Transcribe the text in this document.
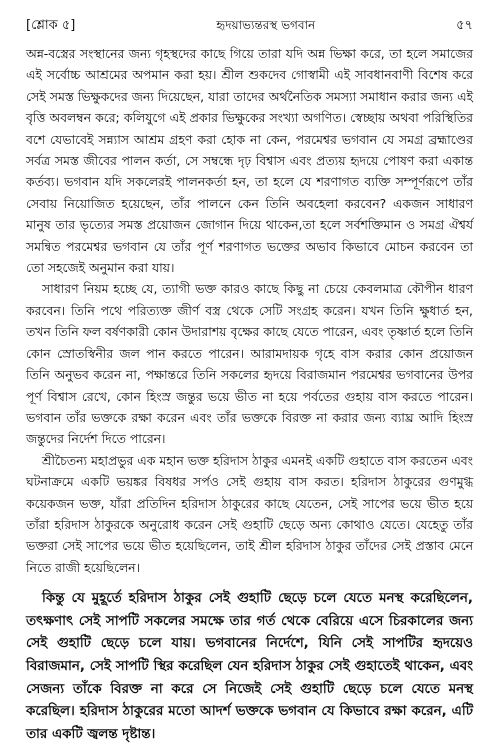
[শ্লোক ৫]	হৃদয়াভ্যন্তরস্থ ভগবান	৫৭

অন্ন-বস্ত্রের সংস্থানের জন্য গৃহস্থদের কাছে গিয়ে তারা যদি অন্ন ভিক্ষা করে, তা হলে সমাজের এই সর্বোচ্চ আশ্রমের অপমান করা হয়। শ্রীল শুকদেব গোস্বামী এই সাবধানবাণী বিশেষ করে সেই সমস্ত ভিক্ষুকদের জন্য দিয়েছেন, যারা তাদের অর্থনৈতিক সমস্যা সমাধান করার জন্য এই বৃত্তি অবলম্বন করে; কলিযুগে এই প্রকার ভিক্ষুকের সংখ্যা অগণিত। স্বেচ্ছায় অথবা পরিস্থিতির বশে যেভাবেই সন্ন্যাস আশ্রম গ্রহণ করা হোক না কেন, পরমেশ্বর ভগবান যে সমগ্র ব্রহ্মাণ্ডের সর্বত্র সমস্ত জীবের পালন কর্তা, সে সম্বন্ধে দৃঢ় বিশ্বাস এবং প্রত্যয় হৃদয়ে পোষণ করা একান্ত কর্তব্য। ভগবান যদি সকলেরই পালনকর্তা হন, তা হলে যে শরণাগত ব্যক্তি সম্পূর্ণরূপে তাঁর সেবায় নিয়োজিত হয়েছেন, তাঁর পালনে কেন তিনি অবহেলা করবেন? একজন সাধারণ মানুষ তার ভৃত্যের সমস্ত প্রয়োজন জোগান দিয়ে থাকেন,তা হলে সর্বশক্তিমান ও সমগ্র ঐশ্বর্য সমন্বিত পরমেশ্বর ভগবান যে তাঁর পূর্ণ শরণাগত ভক্তের অভাব কিভাবে মোচন করবেন তা তো সহজেই অনুমান করা যায়।

সাধারণ নিয়ম হচ্ছে যে, ত্যাগী ভক্ত কারও কাছে কিছু না চেয়ে কেবলমাত্র কৌপীন ধারণ করবেন। তিনি পথে পরিত্যক্ত জীর্ণ বস্ত্র থেকে সেটি সংগ্রহ করেন। যখন তিনি ক্ষুধার্ত হন, তখন তিনি ফল বর্ষণকারী কোন উদারাশয় বৃক্ষের কাছে যেতে পারেন, এবং তৃষ্ণার্ত হলে তিনি কোন স্রোতস্বিনীর জল পান করতে পারেন। আরামদায়ক গৃহে বাস করার কোন প্রয়োজন তিনি অনুভব করেন না, পক্ষান্তরে তিনি সকলের হৃদয়ে বিরাজমান পরমেশ্বর ভগবানের উপর পূর্ণ বিশ্বাস রেখে, কোন হিংস্র জন্তুর ভয়ে ভীত না হয়ে পর্বতের গুহায় বাস করতে পারেন। ভগবান তাঁর ভক্তকে রক্ষা করেন এবং তাঁর ভক্তকে বিরক্ত না করার জন্য ব্যাঘ্র আদি হিংস্র জন্তুদের নির্দেশ দিতে পারেন।

শ্রীচৈতন্য মহাপ্রভুর এক মহান ভক্ত হরিদাস ঠাকুর এমনই একটি গুহাতে বাস করতেন এবং ঘটনাক্রমে একটি ভয়ঙ্কর বিষধর সর্পও সেই গুহায় বাস করত। হরিদাস ঠাকুরের গুণমুগ্ধ কয়েকজন ভক্ত, যাঁরা প্রতিদিন হরিদাস ঠাকুরের কাছে যেতেন, সেই সাপের ভয়ে ভীত হয়ে তাঁরা হরিদাস ঠাকুরকে অনুরোধ করেন সেই গুহাটি ছেড়ে অন্য কোথাও যেতে। যেহেতু তাঁর ভক্তরা সেই সাপের ভয়ে ভীত হয়েছিলেন, তাই শ্রীল হরিদাস ঠাকুর তাঁদের সেই প্রস্তাব মেনে নিতে রাজী হয়েছিলেন।

কিন্তু যে মুহূর্তে হরিদাস ঠাকুর সেই গুহাটি ছেড়ে চলে যেতে মনস্থ করেছিলেন, তৎক্ষণাৎ সেই সাপটি সকলের সমক্ষে তার গর্ত থেকে বেরিয়ে এসে চিরকালের জন্য সেই গুহাটি ছেড়ে চলে যায়। ভগবানের নির্দেশে, যিনি সেই সাপটির হৃদয়েও বিরাজমান, সেই সাপটি স্থির করেছিল যেন হরিদাস ঠাকুর সেই গুহাতেই থাকেন, এবং সেজন্য তাঁকে বিরক্ত না করে সে নিজেই সেই গুহাটি ছেড়ে চলে যেতে মনস্থ করেছিল। হরিদাস ঠাকুরের মতো আদর্শ ভক্তকে ভগবান যে কিভাবে রক্ষা করেন, এটি তার একটি জ্বলন্ত দৃষ্টান্ত।
